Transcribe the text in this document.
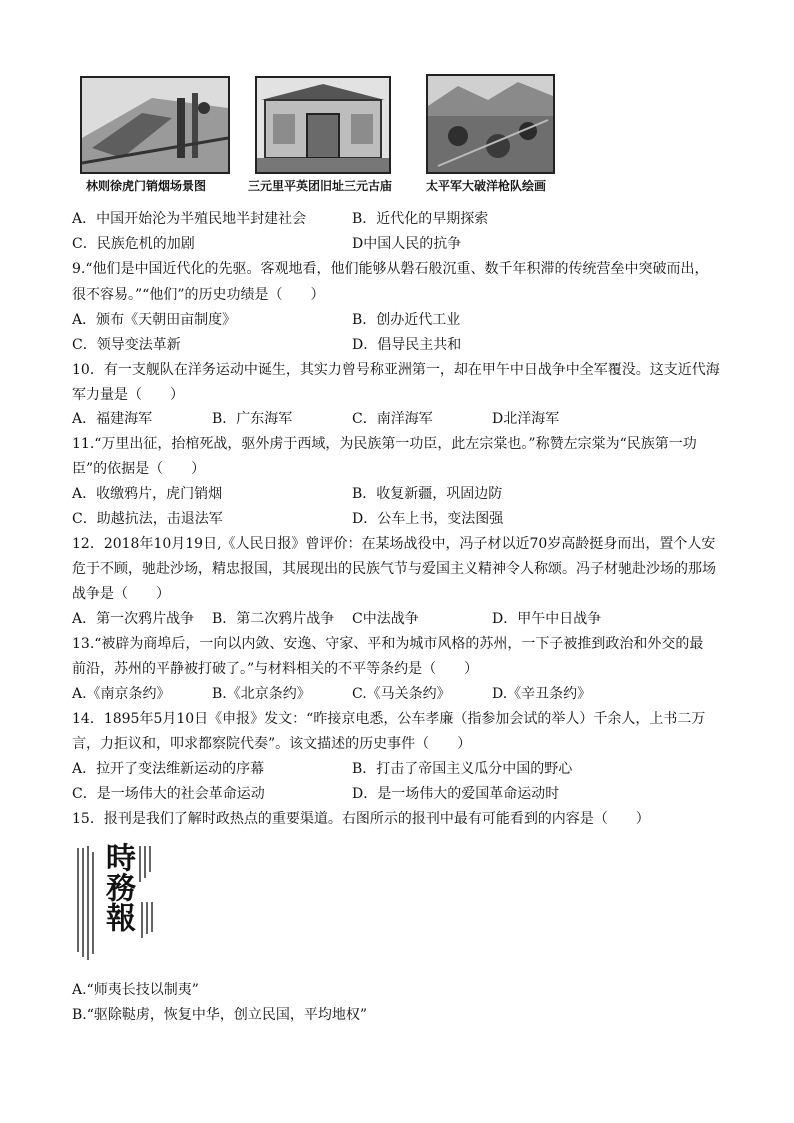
林则徐虎门销烟场景图	三元里平英团旧址三元古庙	太平军大破洋枪队绘画
A．中国开始沦为半殖民地半封建社会	B．近代化的早期探索
C．民族危机的加剧	D中国人民的抗争
9.“他们是中国近代化的先驱。客观地看，他们能够从磐石般沉重、数千年积滞的传统营垒中突破而出，
很不容易。”“他们”的历史功绩是（　　）
A．颁布《天朝田亩制度》	B．创办近代工业
C．领导变法革新	D．倡导民主共和
10．有一支舰队在洋务运动中诞生，其实力曾号称亚洲第一，却在甲午中日战争中全军覆没。这支近代海
军力量是（　　）
A．福建海军	B．广东海军	C．南洋海军	D北洋海军
11.“万里出征，抬棺死战，驱外虏于西域，为民族第一功臣，此左宗棠也。”称赞左宗棠为“民族第一功
臣”的依据是（　　）
A．收缴鸦片，虎门销烟	B．收复新疆，巩固边防
C．助越抗法，击退法军	D．公车上书，变法图强
12．2018年10月19日,《人民日报》曾评价：在某场战役中，冯子材以近70岁高龄挺身而出，置个人安
危于不顾，驰赴沙场，精忠报国，其展现出的民族气节与爱国主义精神令人称颂。冯子材驰赴沙场的那场
战争是（　　）
A．第一次鸦片战争 B．第二次鸦片战争 C中法战争	D．甲午中日战争
13.“被辟为商埠后，一向以内敛、安逸、守家、平和为城市风格的苏州，一下子被推到政治和外交的最
前沿，苏州的平静被打破了。”与材料相关的不平等条约是（　　）
A.《南京条约》	B.《北京条约》	C.《马关条约》	D.《辛丑条约》
14．1895年5月10日《申报》发文：“昨接京电悉，公车孝廉（指参加会试的举人）千余人，上书二万
言，力拒议和，叩求都察院代奏”。该文描述的历史事件（　　）
A．拉开了变法维新运动的序幕	B．打击了帝国主义瓜分中国的野心
C．是一场伟大的社会革命运动	D．是一场伟大的爱国革命运动时
15．报刊是我们了解时政热点的重要渠道。右图所示的报刊中最有可能看到的内容是（　　）
時務報
A.“师夷长技以制夷”
B.“驱除鞑虏，恢复中华，创立民国，平均地权”
